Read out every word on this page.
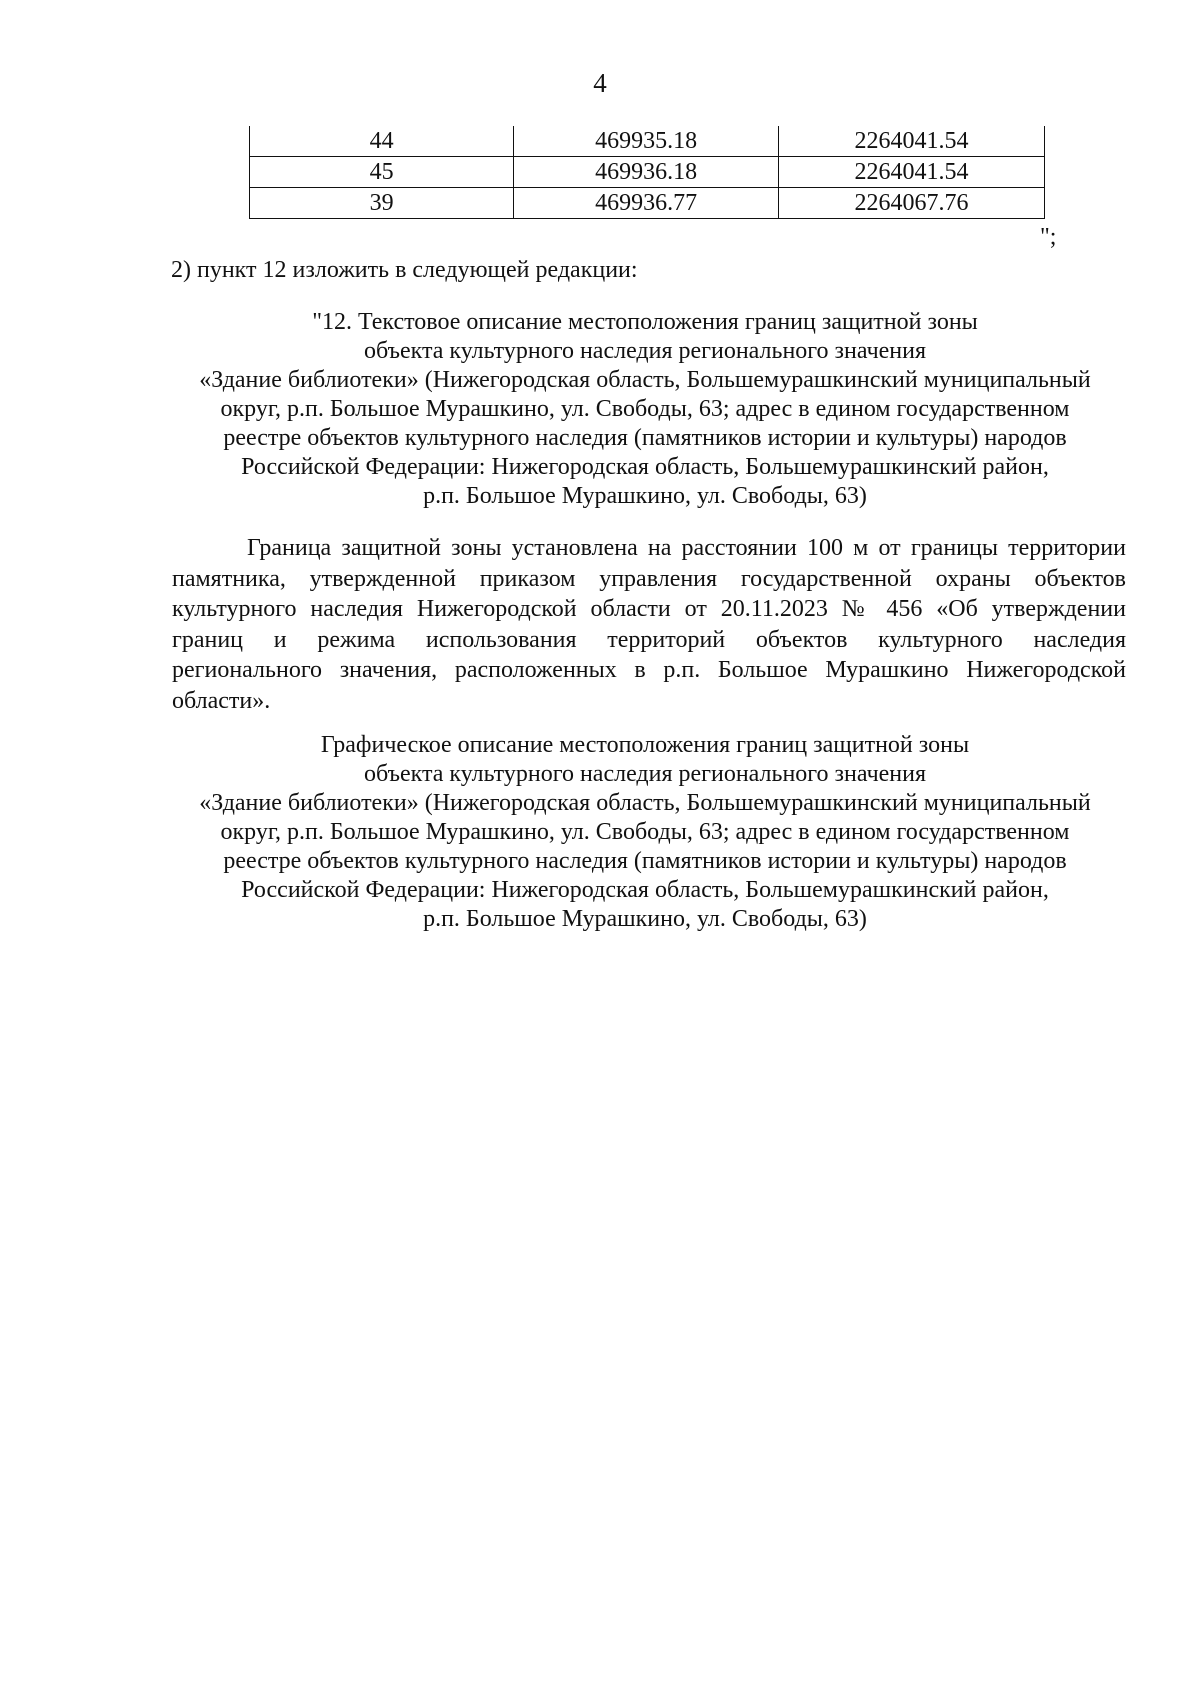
4
44	469935.18	2264041.54
45	469936.18	2264041.54
39	469936.77	2264067.76
";
2) пункт 12 изложить в следующей редакции:
"12. Текстовое описание местоположения границ защитной зоны
объекта культурного наследия регионального значения
«Здание библиотеки» (Нижегородская область, Большемурашкинский муниципальный
округ, р.п. Большое Мурашкино, ул. Свободы, 63; адрес в едином государственном
реестре объектов культурного наследия (памятников истории и культуры) народов
Российской Федерации: Нижегородская область, Большемурашкинский район,
р.п. Большое Мурашкино, ул. Свободы, 63)
Граница защитной зоны установлена на расстоянии 100 м от границы территории
памятника, утвержденной приказом управления государственной охраны объектов
культурного наследия Нижегородской области от 20.11.2023 № 456 «Об утверждении
границ и режима использования территорий объектов культурного наследия
регионального значения, расположенных в р.п. Большое Мурашкино Нижегородской
области».
Графическое описание местоположения границ защитной зоны
объекта культурного наследия регионального значения
«Здание библиотеки» (Нижегородская область, Большемурашкинский муниципальный
округ, р.п. Большое Мурашкино, ул. Свободы, 63; адрес в едином государственном
реестре объектов культурного наследия (памятников истории и культуры) народов
Российской Федерации: Нижегородская область, Большемурашкинский район,
р.п. Большое Мурашкино, ул. Свободы, 63)
